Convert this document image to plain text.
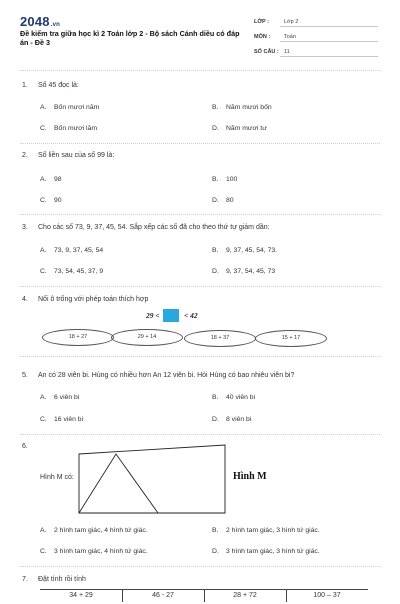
2048.vn
Đề kiểm tra giữa học kì 2 Toán lớp 2 - Bộ sách Cánh diều có đáp án - Đề 3
LỚP :	Lớp 2
MÔN :	Toán
SỐ CÂU : 11
1. Số 45 đọc là:
A. Bốn mươi năm	B. Năm mươi bốn
C. Bốn mươi lăm	D. Năm mươi tư
2. Số liền sau của số 99 là:
A. 98	B. 100
C. 90	D. 80
3. Cho các số 73, 9, 37, 45, 54. Sắp xếp các số đã cho theo thứ tự giảm dần:
A. 73, 9, 37, 45, 54	B. 9, 37, 45, 54, 73.
C. 73, 54, 45, 37, 9	D. 9, 37, 54, 45, 73
4. Nối ô trống với phép toán thích hợp
29 <	< 42
18 + 27	29 + 14	18 + 37	15 + 17
5. An có 28 viên bi. Hùng có nhiều hơn An 12 viên bi. Hỏi Hùng có bao nhiêu viên bi?
A. 6 viên bi	B. 40 viên bi
C. 16 viên bi	D. 8 viên bi
6.
Hình M có:	Hình M
A. 2 hình tam giác, 4 hình tứ giác.	B. 2 hình tam giác, 3 hình tứ giác.
C. 3 hình tam giác, 4 hình tứ giác.	D. 3 hình tam giác, 3 hình tứ giác.
7. Đặt tính rồi tính
34 + 29	46 - 27	28 + 72	100 – 37
